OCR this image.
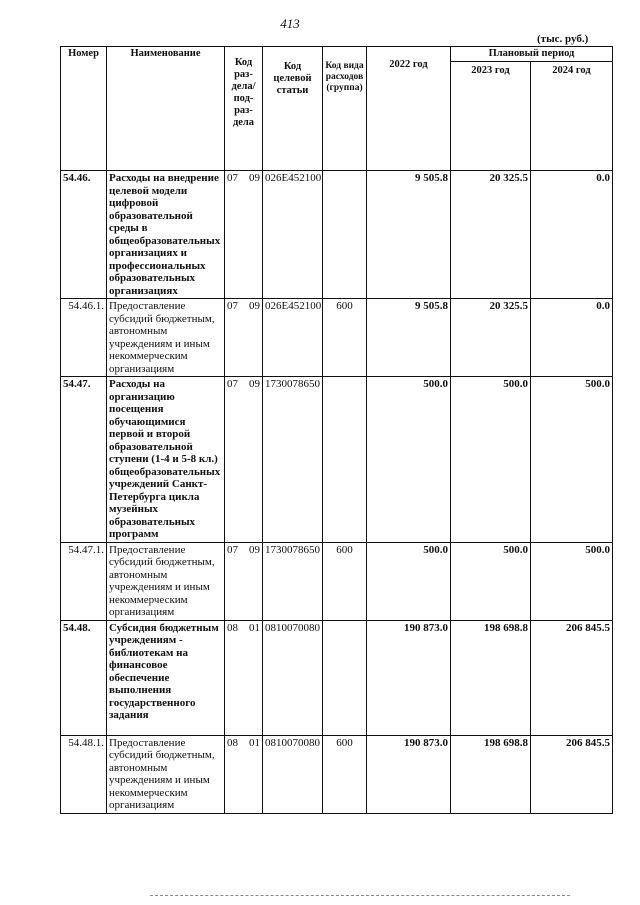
413
(тыс. руб.)
Номер	Наименование	Код раз-дела/ под-раз-дела	Код целевой статьи	Код вида расходов (группа)	2022 год	Плановый период	
						2023 год	2024 год
54.46.	Расходы на внедрение целевой модели цифровой образовательной среды в общеобразовательных организациях и профессиональных образовательных организациях	07 09	026Е452100		9 505.8	20 325.5	0.0
54.46.1.	Предоставление субсидий бюджетным, автономным учреждениям и иным некоммерческим организациям	07 09	026Е452100	600	9 505.8	20 325.5	0.0
54.47.	Расходы на организацию посещения обучающимися первой и второй образовательной ступени (1-4 и 5-8 кл.) общеобразовательных учреждений Санкт-Петербурга цикла музейных образовательных программ	07 09	1730078650		500.0	500.0	500.0
54.47.1.	Предоставление субсидий бюджетным, автономным учреждениям и иным некоммерческим организациям	07 09	1730078650	600	500.0	500.0	500.0
54.48.	Субсидия бюджетным учреждениям - библиотекам на финансовое обеспечение выполнения государственного задания	08 01	0810070080		190 873.0	198 698.8	206 845.5
54.48.1.	Предоставление субсидий бюджетным, автономным учреждениям и иным некоммерческим организациям	08 01	0810070080	600	190 873.0	198 698.8	206 845.5
